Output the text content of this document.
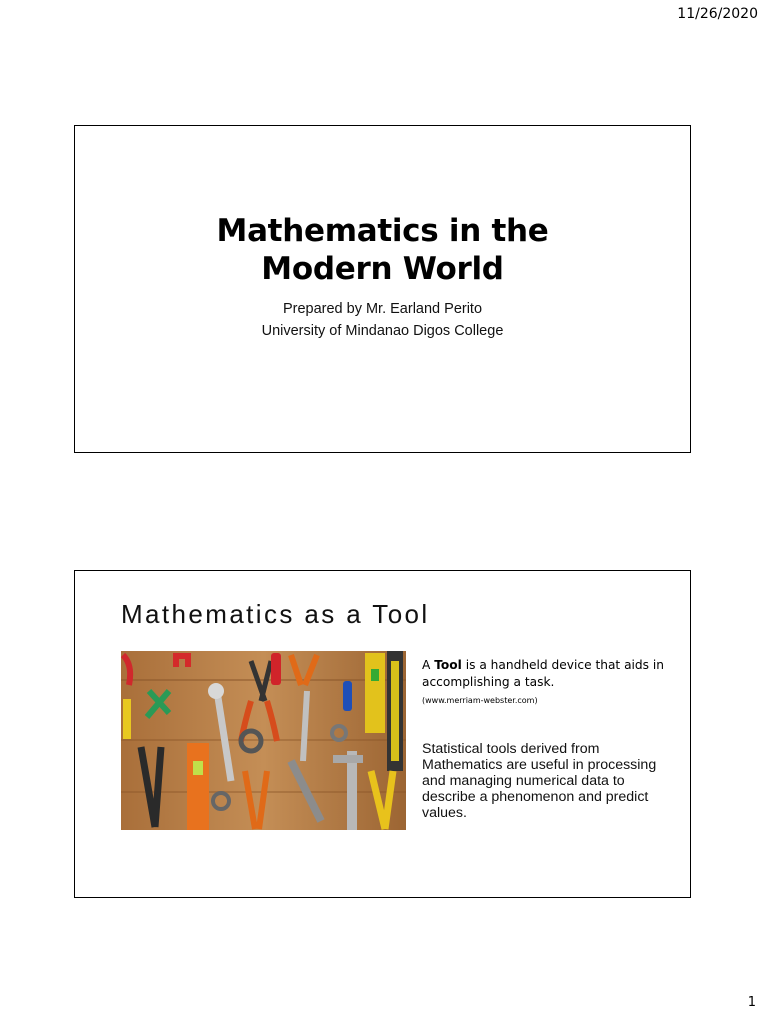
11/26/2020
Mathematics in the
Modern World
Prepared by Mr. Earland Perito
University of Mindanao Digos College
Mathematics as a Tool
A Tool is a handheld device that aids in accomplishing a task.
(www.merriam-webster.com)
Statistical tools derived from Mathematics are useful in processing and managing numerical data to describe a phenomenon and predict values.
1
